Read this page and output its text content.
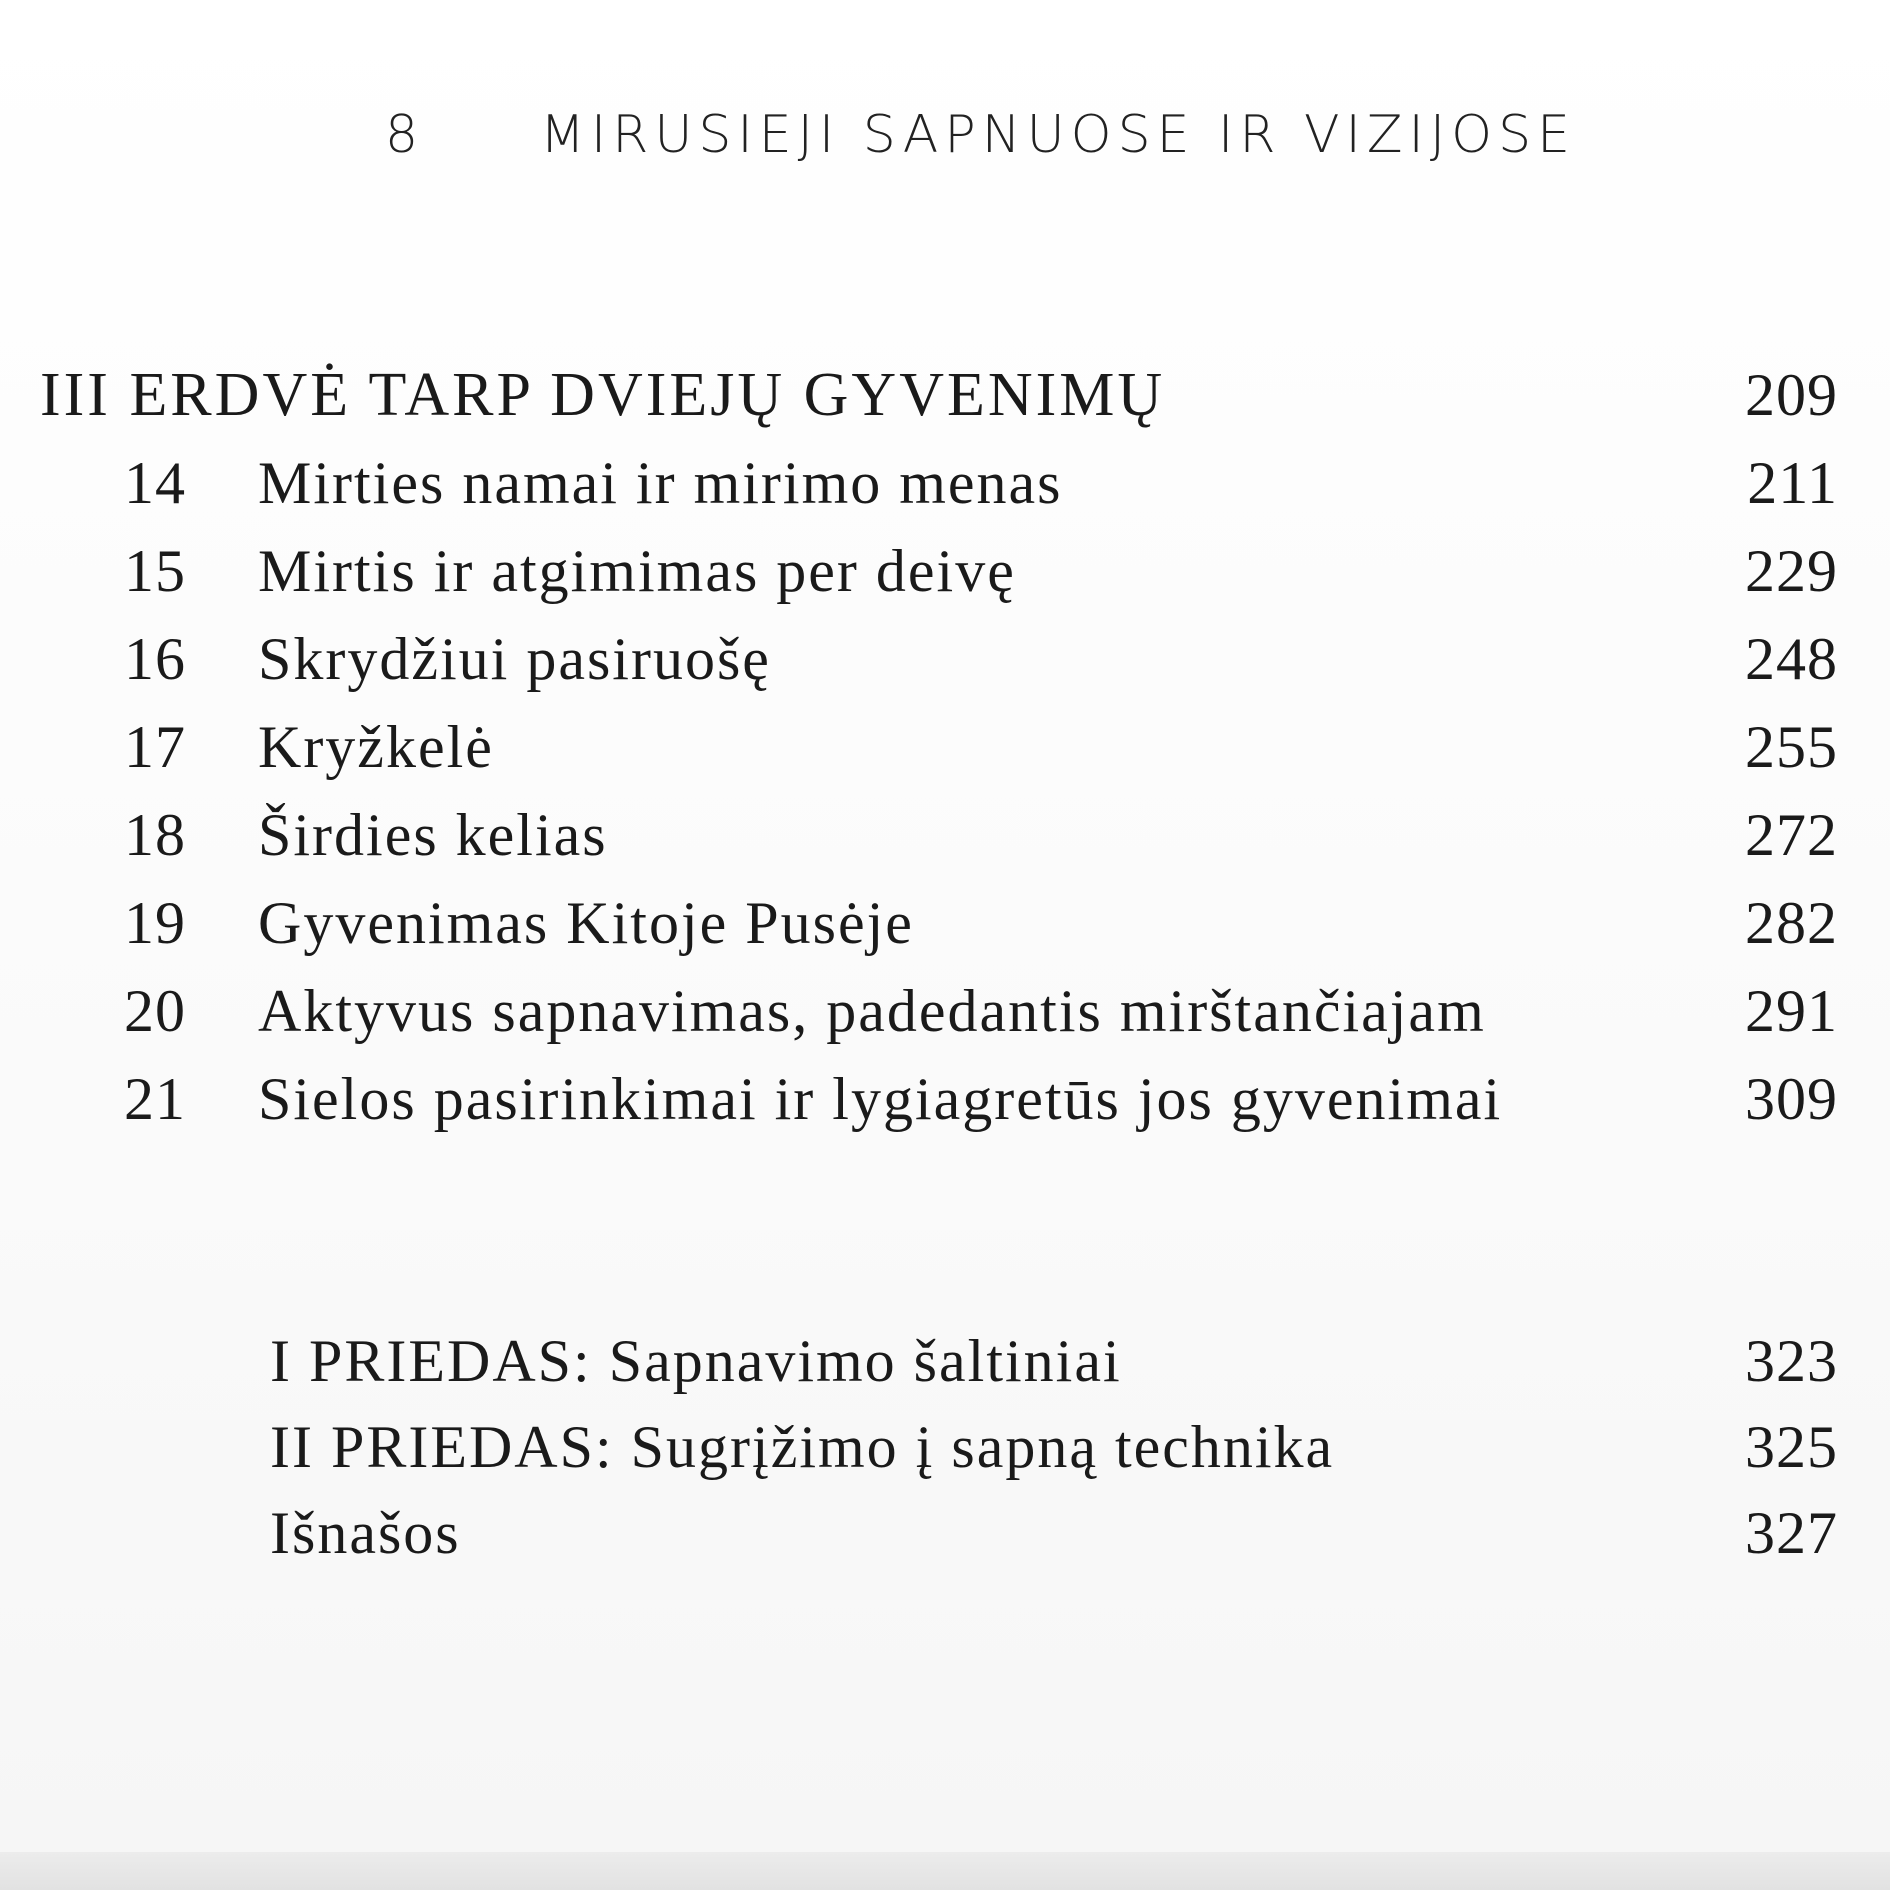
8 MIRUSIEJI SAPNUOSE IR VIZIJOSE
III ERDVĖ TARP DVIEJŲ GYVENIMŲ	209
14	Mirties namai ir mirimo menas	211
15	Mirtis ir atgimimas per deivę	229
16	Skrydžiui pasiruošę	248
17	Kryžkelė	255
18	Širdies kelias	272
19	Gyvenimas Kitoje Pusėje	282
20	Aktyvus sapnavimas, padedantis mirštančiajam	291
21	Sielos pasirinkimai ir lygiagretūs jos gyvenimai	309
I PRIEDAS: Sapnavimo šaltiniai	323
II PRIEDAS: Sugrįžimo į sapną technika	325
Išnašos	327
